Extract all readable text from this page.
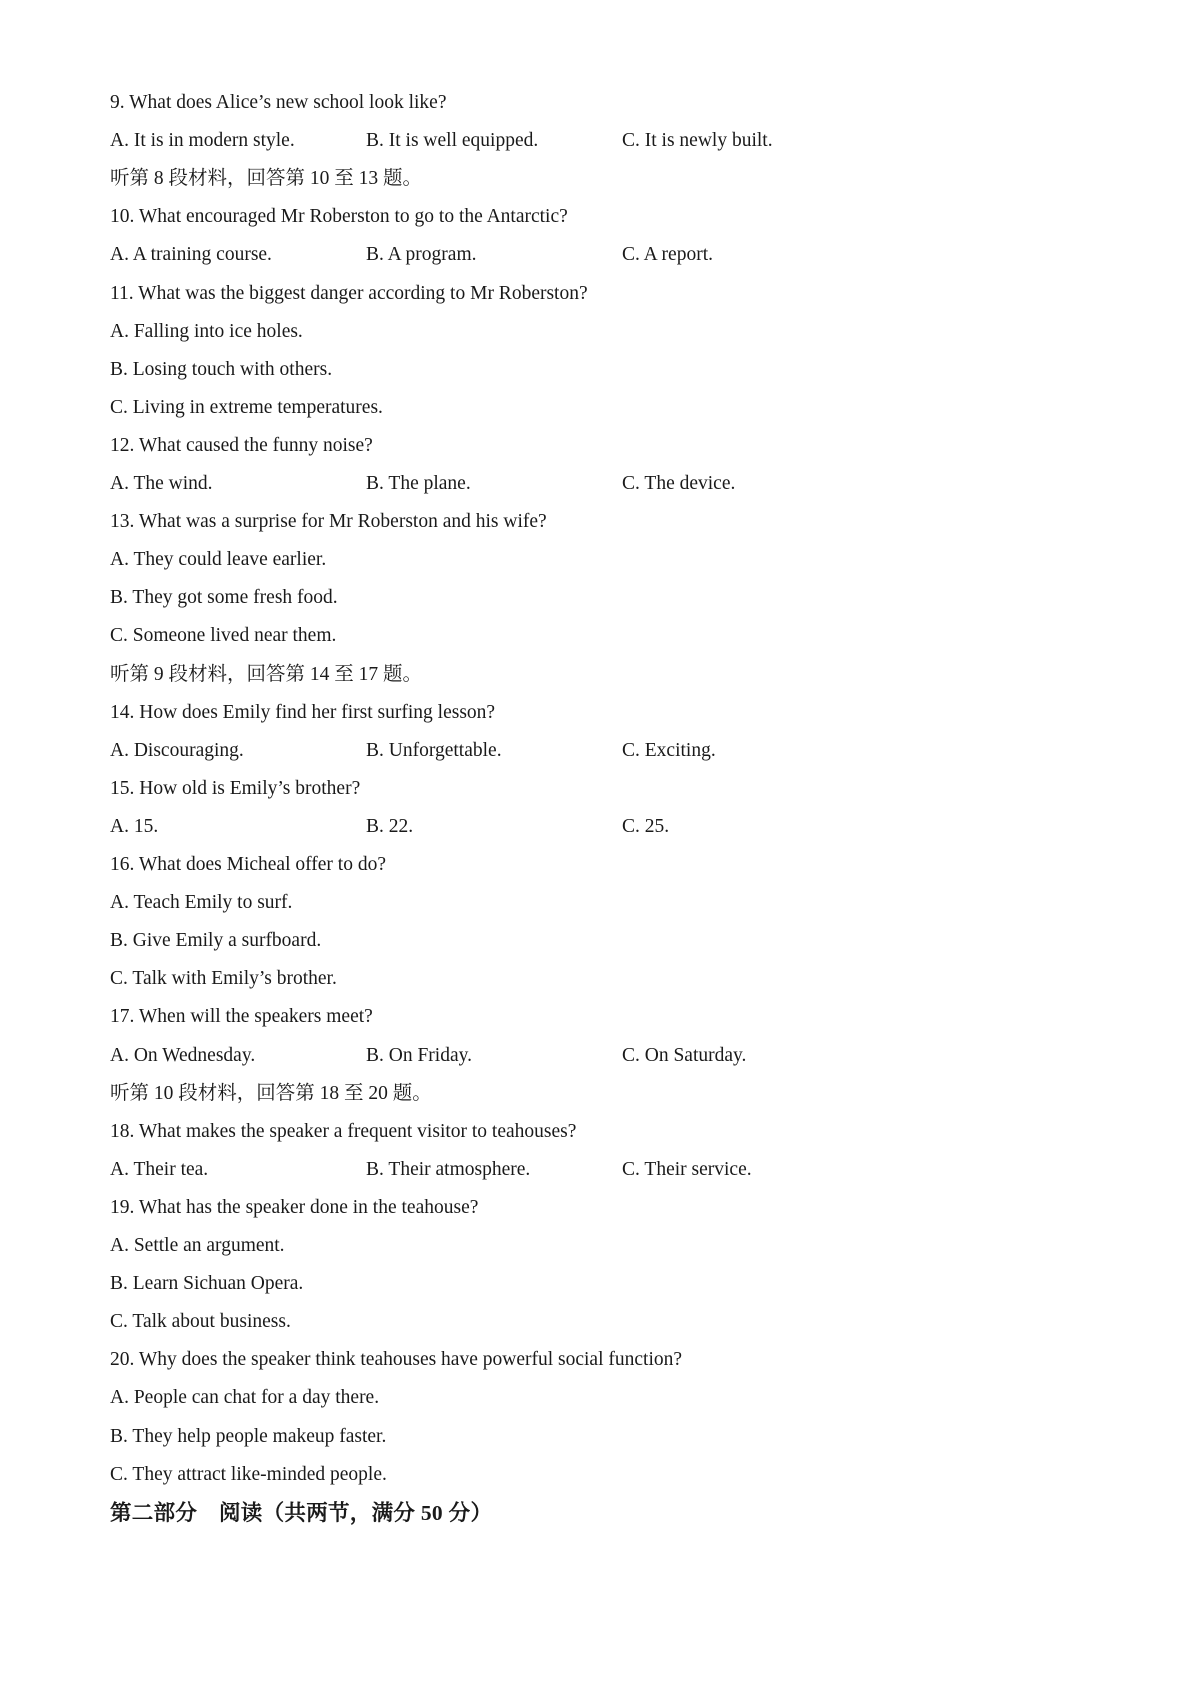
9. What does Alice’s new school look like?
A. It is in modern style.	B. It is well equipped.	C. It is newly built.
听第 8 段材料，回答第 10 至 13 题。
10. What encouraged Mr Roberston to go to the Antarctic?
A. A training course.	B. A program.	C. A report.
11. What was the biggest danger according to Mr Roberston?
A. Falling into ice holes.
B. Losing touch with others.
C. Living in extreme temperatures.
12. What caused the funny noise?
A. The wind.	B. The plane.	C. The device.
13. What was a surprise for Mr Roberston and his wife?
A. They could leave earlier.
B. They got some fresh food.
C. Someone lived near them.
听第 9 段材料，回答第 14 至 17 题。
14. How does Emily find her first surfing lesson?
A. Discouraging.	B. Unforgettable.	C. Exciting.
15. How old is Emily’s brother?
A. 15.	B. 22.	C. 25.
16. What does Micheal offer to do?
A. Teach Emily to surf.
B. Give Emily a surfboard.
C. Talk with Emily’s brother.
17. When will the speakers meet?
A. On Wednesday.	B. On Friday.	C. On Saturday.
听第 10 段材料，回答第 18 至 20 题。
18. What makes the speaker a frequent visitor to teahouses?
A. Their tea.	B. Their atmosphere.	C. Their service.
19. What has the speaker done in the teahouse?
A. Settle an argument.
B. Learn Sichuan Opera.
C. Talk about business.
20. Why does the speaker think teahouses have powerful social function?
A. People can chat for a day there.
B. They help people makeup faster.
C. They attract like-minded people.
第二部分　阅读（共两节，满分 50 分）
